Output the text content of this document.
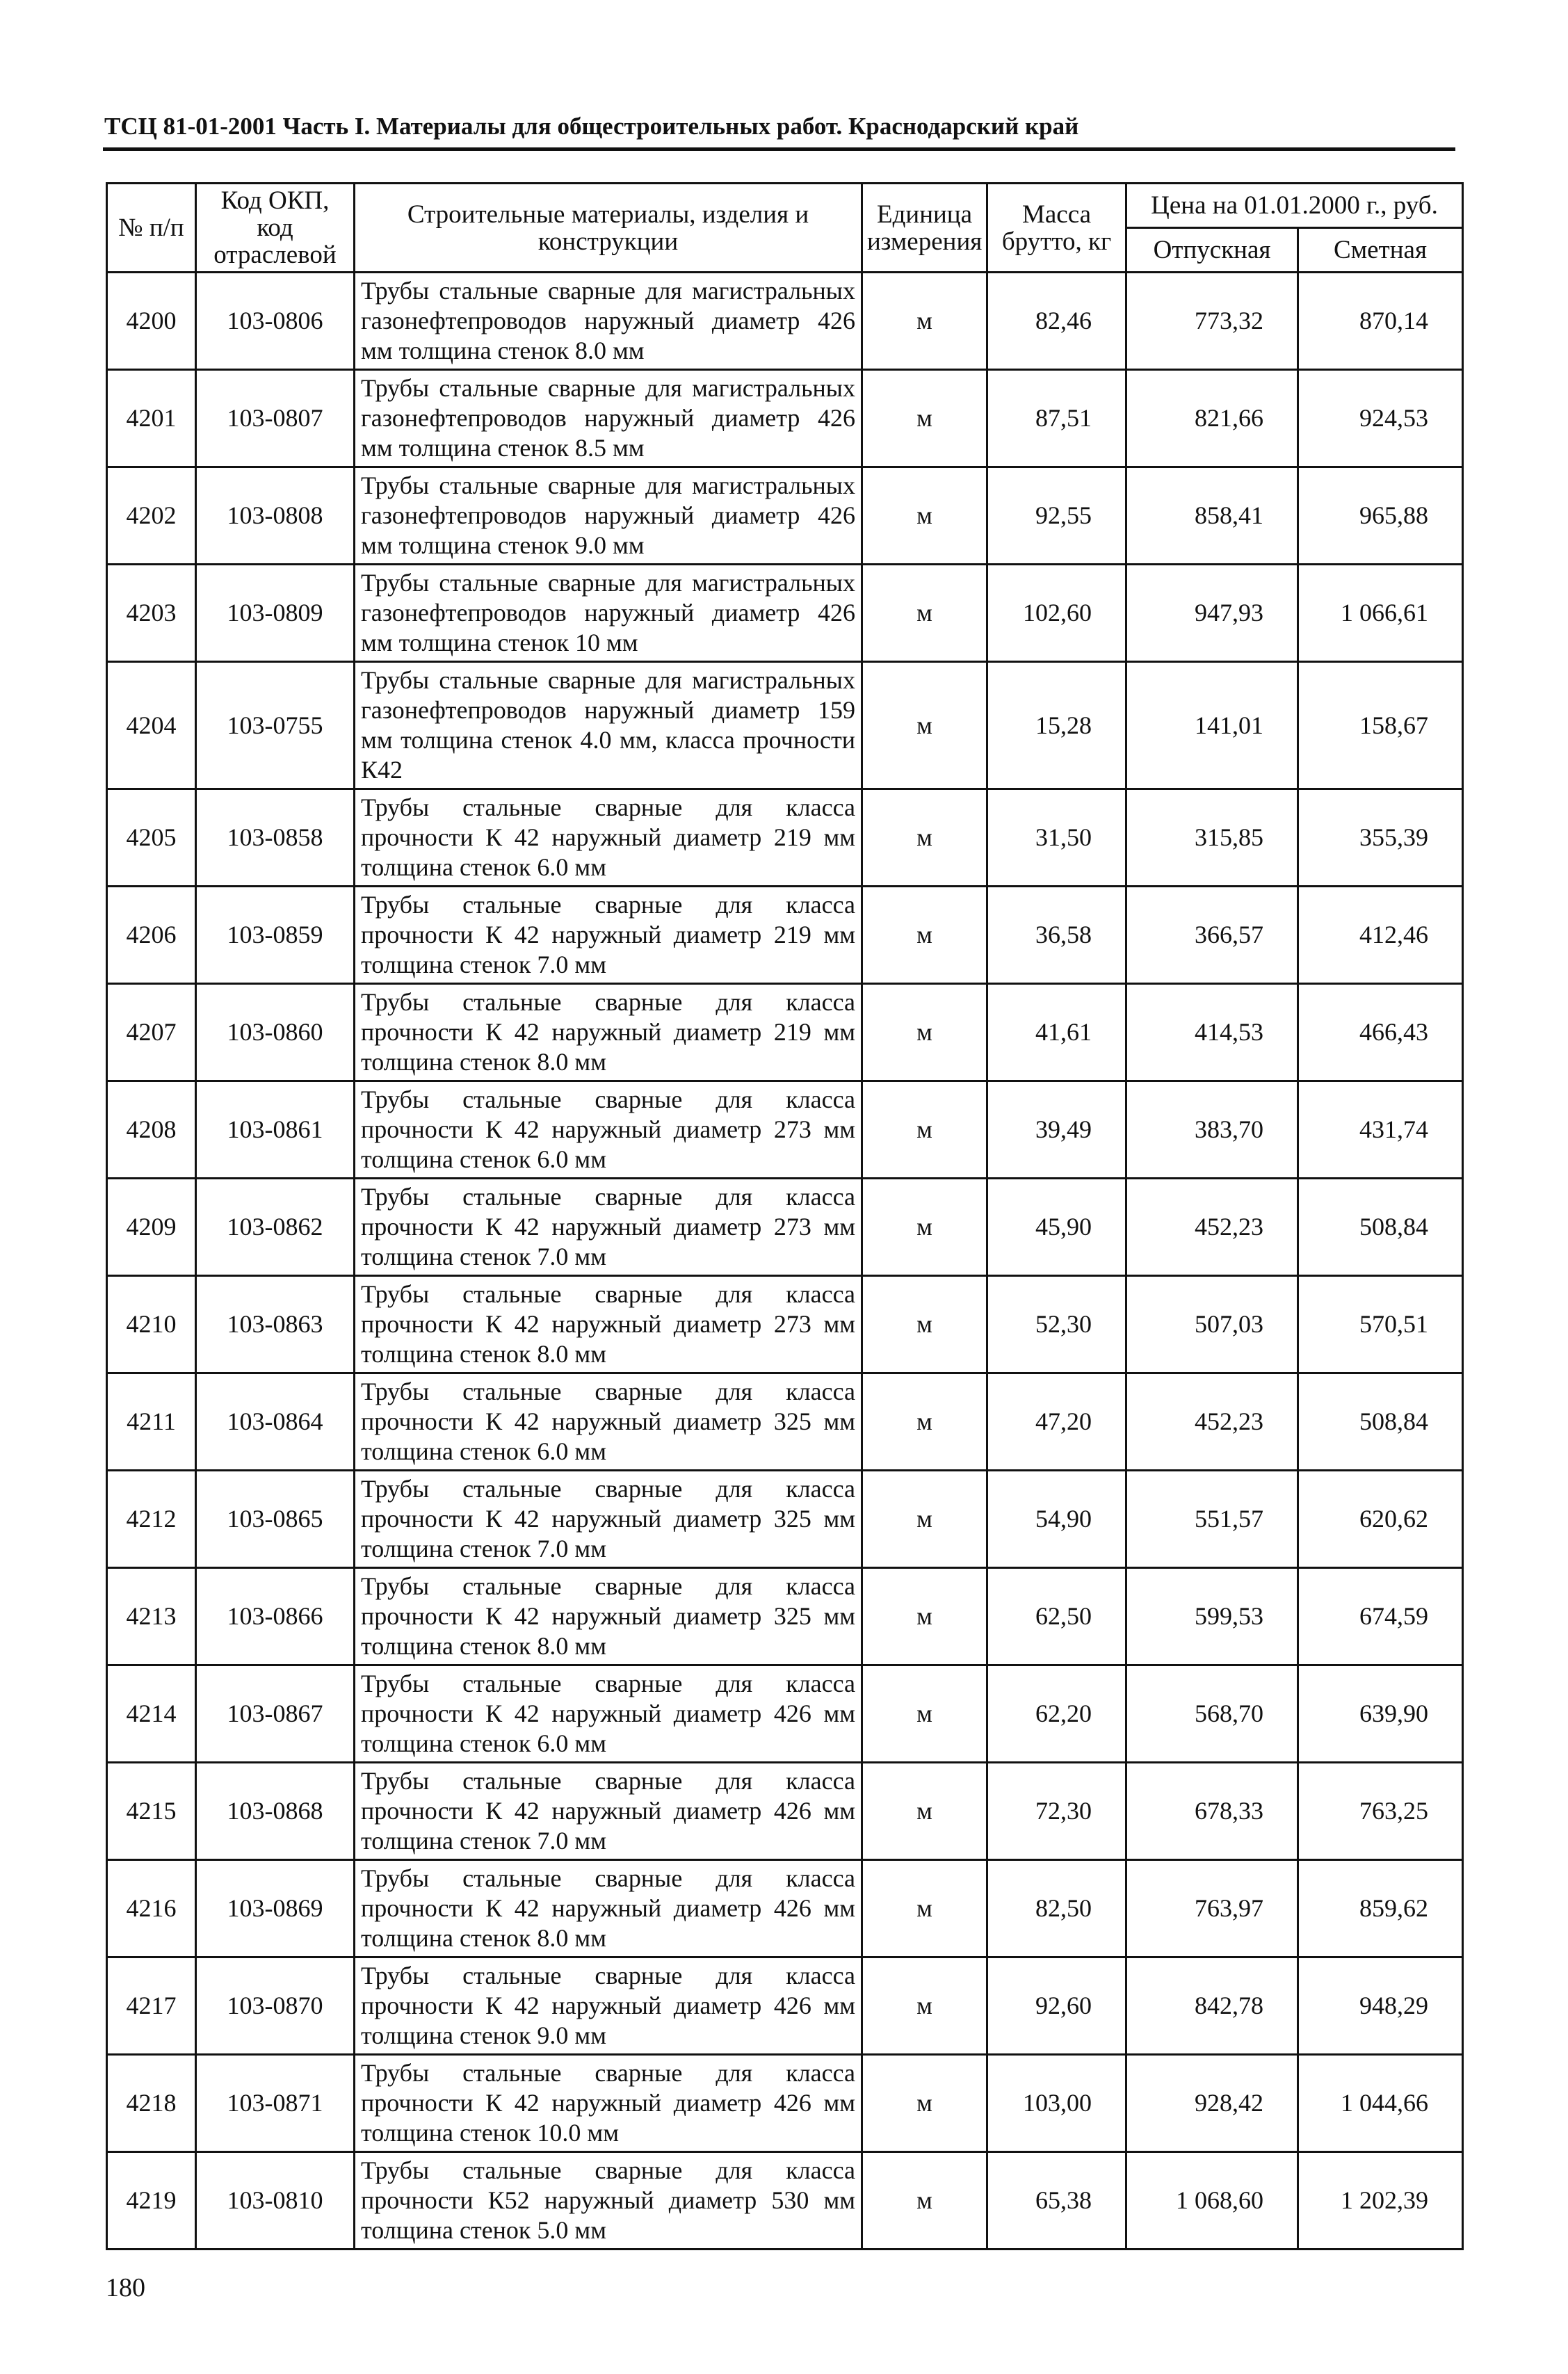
ТСЦ 81-01-2001 Часть I. Материалы для общестроительных работ. Краснодарский край
№ п/п	Код ОКП, код отраслевой	Строительные материалы, изделия и конструкции	Единица измерения	Масса брутто, кг	Цена на 01.01.2000 г., руб.	
					Отпускная	Сметная
4200	103-0806	Трубы стальные сварные для магистральных газонефтепроводов наружный диаметр 426 мм толщина стенок 8.0 мм	м	82,46	773,32	870,14
4201	103-0807	Трубы стальные сварные для магистральных газонефтепроводов наружный диаметр 426 мм толщина стенок 8.5 мм	м	87,51	821,66	924,53
4202	103-0808	Трубы стальные сварные для магистральных газонефтепроводов наружный диаметр 426 мм толщина стенок 9.0 мм	м	92,55	858,41	965,88
4203	103-0809	Трубы стальные сварные для магистральных газонефтепроводов наружный диаметр 426 мм толщина стенок 10 мм	м	102,60	947,93	1 066,61
4204	103-0755	Трубы стальные сварные для магистральных газонефтепроводов наружный диаметр 159 мм толщина стенок 4.0 мм, класса прочности К42	м	15,28	141,01	158,67
4205	103-0858	Трубы стальные сварные для класса прочности К 42 наружный диаметр 219 мм толщина стенок 6.0 мм	м	31,50	315,85	355,39
4206	103-0859	Трубы стальные сварные для класса прочности К 42 наружный диаметр 219 мм толщина стенок 7.0 мм	м	36,58	366,57	412,46
4207	103-0860	Трубы стальные сварные для класса прочности К 42 наружный диаметр 219 мм толщина стенок 8.0 мм	м	41,61	414,53	466,43
4208	103-0861	Трубы стальные сварные для класса прочности К 42 наружный диаметр 273 мм толщина стенок 6.0 мм	м	39,49	383,70	431,74
4209	103-0862	Трубы стальные сварные для класса прочности К 42 наружный диаметр 273 мм толщина стенок 7.0 мм	м	45,90	452,23	508,84
4210	103-0863	Трубы стальные сварные для класса прочности К 42 наружный диаметр 273 мм толщина стенок 8.0 мм	м	52,30	507,03	570,51
4211	103-0864	Трубы стальные сварные для класса прочности К 42 наружный диаметр 325 мм толщина стенок 6.0 мм	м	47,20	452,23	508,84
4212	103-0865	Трубы стальные сварные для класса прочности К 42 наружный диаметр 325 мм толщина стенок 7.0 мм	м	54,90	551,57	620,62
4213	103-0866	Трубы стальные сварные для класса прочности К 42 наружный диаметр 325 мм толщина стенок 8.0 мм	м	62,50	599,53	674,59
4214	103-0867	Трубы стальные сварные для класса прочности К 42 наружный диаметр 426 мм толщина стенок 6.0 мм	м	62,20	568,70	639,90
4215	103-0868	Трубы стальные сварные для класса прочности К 42 наружный диаметр 426 мм толщина стенок 7.0 мм	м	72,30	678,33	763,25
4216	103-0869	Трубы стальные сварные для класса прочности К 42 наружный диаметр 426 мм толщина стенок 8.0 мм	м	82,50	763,97	859,62
4217	103-0870	Трубы стальные сварные для класса прочности К 42 наружный диаметр 426 мм толщина стенок 9.0 мм	м	92,60	842,78	948,29
4218	103-0871	Трубы стальные сварные для класса прочности К 42 наружный диаметр 426 мм толщина стенок 10.0 мм	м	103,00	928,42	1 044,66
4219	103-0810	Трубы стальные сварные для класса прочности К52 наружный диаметр 530 мм толщина стенок 5.0 мм	м	65,38	1 068,60	1 202,39
180
